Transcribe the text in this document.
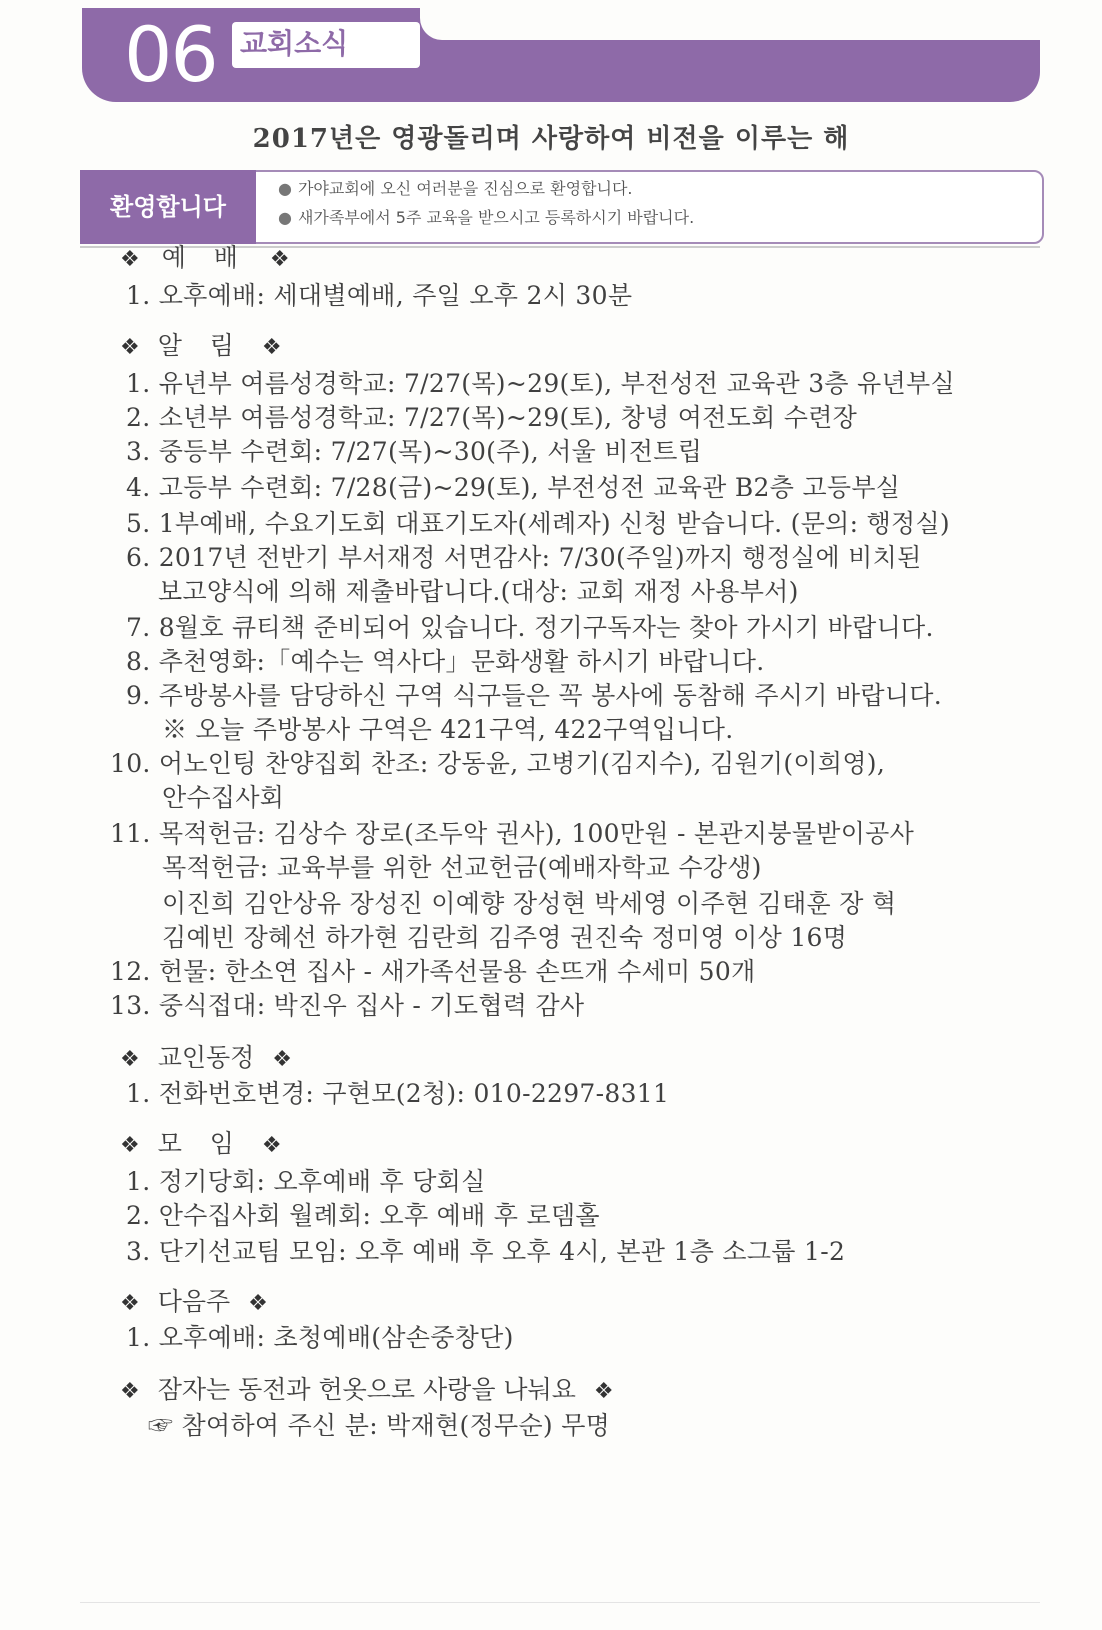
06 교회소식
2017년은 영광돌리며 사랑하여 비전을 이루는 해
환영합니다
● 가야교회에 오신 여러분을 진심으로 환영합니다.
● 새가족부에서 5주 교육을 받으시고 등록하시기 바랍니다.
❖ 예 배 ❖
1. 오후예배: 세대별예배, 주일 오후 2시 30분
❖ 알 림 ❖
1. 유년부 여름성경학교: 7/27(목)~29(토), 부전성전 교육관 3층 유년부실
2. 소년부 여름성경학교: 7/27(목)~29(토), 창녕 여전도회 수련장
3. 중등부 수련회: 7/27(목)~30(주), 서울 비전트립
4. 고등부 수련회: 7/28(금)~29(토), 부전성전 교육관 B2층 고등부실
5. 1부예배, 수요기도회 대표기도자(세례자) 신청 받습니다. (문의: 행정실)
6. 2017년 전반기 부서재정 서면감사: 7/30(주일)까지 행정실에 비치된
보고양식에 의해 제출바랍니다.(대상: 교회 재정 사용부서)
7. 8월호 큐티책 준비되어 있습니다. 정기구독자는 찾아 가시기 바랍니다.
8. 추천영화:「예수는 역사다」문화생활 하시기 바랍니다.
9. 주방봉사를 담당하신 구역 식구들은 꼭 봉사에 동참해 주시기 바랍니다.
※ 오늘 주방봉사 구역은 421구역, 422구역입니다.
10. 어노인팅 찬양집회 찬조: 강동윤, 고병기(김지수), 김원기(이희영),
안수집사회
11. 목적헌금: 김상수 장로(조두악 권사), 100만원 - 본관지붕물받이공사
목적헌금: 교육부를 위한 선교헌금(예배자학교 수강생)
이진희 김안상유 장성진 이예향 장성현 박세영 이주현 김태훈 장 혁
김예빈 장혜선 하가현 김란희 김주영 권진숙 정미영 이상 16명
12. 헌물: 한소연 집사 - 새가족선물용 손뜨개 수세미 50개
13. 중식접대: 박진우 집사 - 기도협력 감사
❖ 교인동정 ❖
1. 전화번호변경: 구현모(2청): 010-2297-8311
❖ 모 임 ❖
1. 정기당회: 오후예배 후 당회실
2. 안수집사회 월례회: 오후 예배 후 로뎀홀
3. 단기선교팀 모임: 오후 예배 후 오후 4시, 본관 1층 소그룹 1-2
❖ 다음주 ❖
1. 오후예배: 초청예배(삼손중창단)
❖ 잠자는 동전과 헌옷으로 사랑을 나눠요 ❖
☞ 참여하여 주신 분: 박재현(정무순) 무명
